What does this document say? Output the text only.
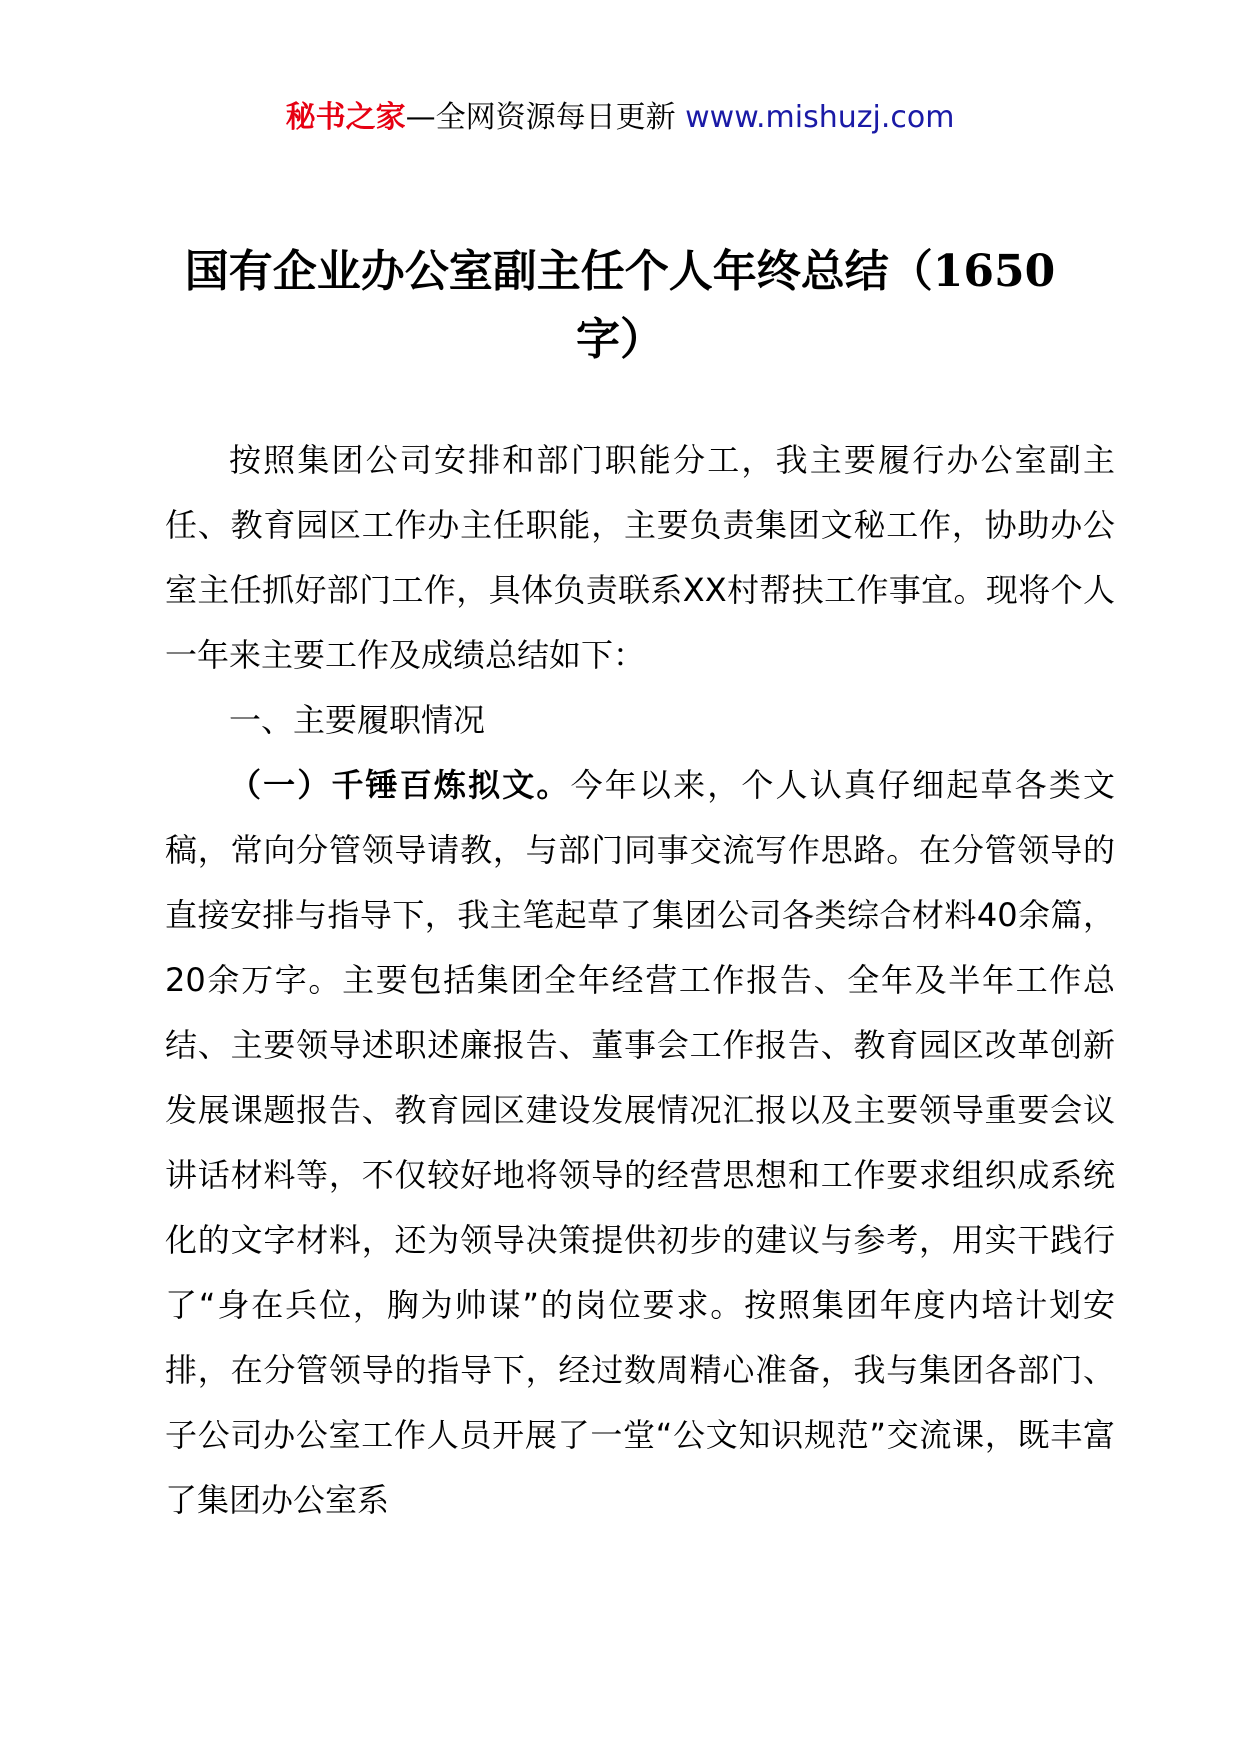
秘书之家—全网资源每日更新 www.mishuzj.com
国有企业办公室副主任个人年终总结（1650字）

按照集团公司安排和部门职能分工，我主要履行办公室副主任、教育园区工作办主任职能，主要负责集团文秘工作，协助办公室主任抓好部门工作，具体负责联系XX村帮扶工作事宜。现将个人一年来主要工作及成绩总结如下：

一、主要履职情况

（一）千锤百炼拟文。今年以来，个人认真仔细起草各类文稿，常向分管领导请教，与部门同事交流写作思路。在分管领导的直接安排与指导下，我主笔起草了集团公司各类综合材料40余篇，20余万字。主要包括集团全年经营工作报告、全年及半年工作总结、主要领导述职述廉报告、董事会工作报告、教育园区改革创新发展课题报告、教育园区建设发展情况汇报以及主要领导重要会议讲话材料等，不仅较好地将领导的经营思想和工作要求组织成系统化的文字材料，还为领导决策提供初步的建议与参考，用实干践行了“身在兵位，胸为帅谋”的岗位要求。按照集团年度内培计划安排，在分管领导的指导下，经过数周精心准备，我与集团各部门、子公司办公室工作人员开展了一堂“公文知识规范”交流课，既丰富了集团办公室系
